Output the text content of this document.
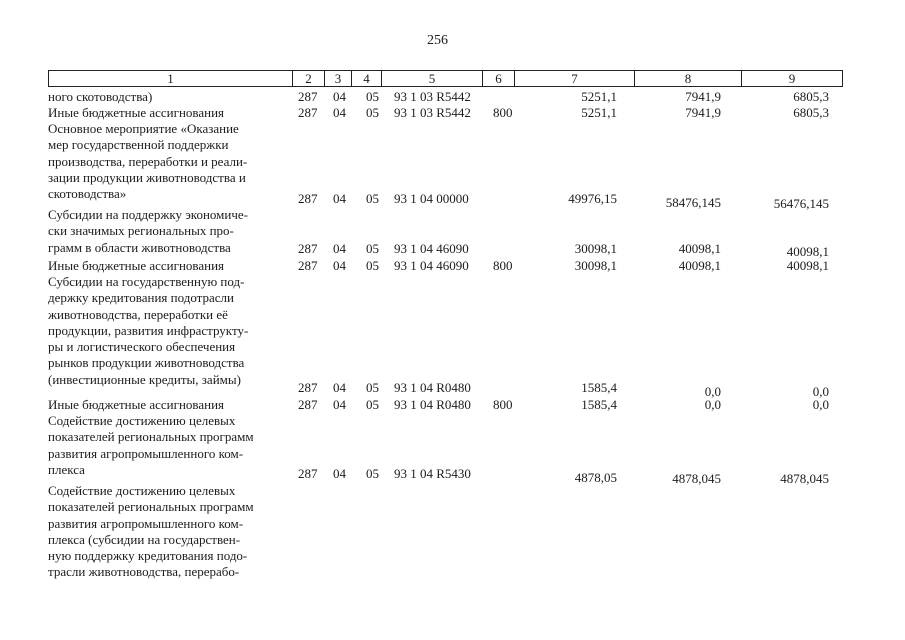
256
1	2	3	4	5	6	7	8	9
ного скотоводства)	287 04 05 93 1 03 R5442	5251,1	7941,9	6805,3
Иные бюджетные ассигнования	287 04 05 93 1 03 R5442 800	5251,1	7941,9	6805,3
Основное мероприятие «Оказание
мер государственной поддержки
производства, переработки и реали-
зации продукции животноводства и
скотоводства»	287 04 05 93 1 04 00000	49976,15	58476,145	56476,145
Субсидии на поддержку экономиче-
ски значимых региональных про-
грамм в области животноводства	287 04 05 93 1 04 46090	30098,1	40098,1	40098,1
Иные бюджетные ассигнования	287 04 05 93 1 04 46090 800	30098,1	40098,1	40098,1
Субсидии на государственную под-
держку кредитования подотрасли
животноводства, переработки её
продукции, развития инфраструкту-
ры и логистического обеспечения
рынков продукции животноводства
(инвестиционные кредиты, займы)
287 04 05 93 1 04 R0480	1585,4	0,0	0,0
Иные бюджетные ассигнования	287 04 05 93 1 04 R0480 800	1585,4	0,0	0,0
Содействие достижению целевых
показателей региональных программ
развития агропромышленного ком-
плекса	287 04 05 93 1 04 R5430	4878,05	4878,045	4878,045
Содействие достижению целевых
показателей региональных программ
развития агропромышленного ком-
плекса (субсидии на государствен-
ную поддержку кредитования подо-
трасли животноводства, перерабо-
